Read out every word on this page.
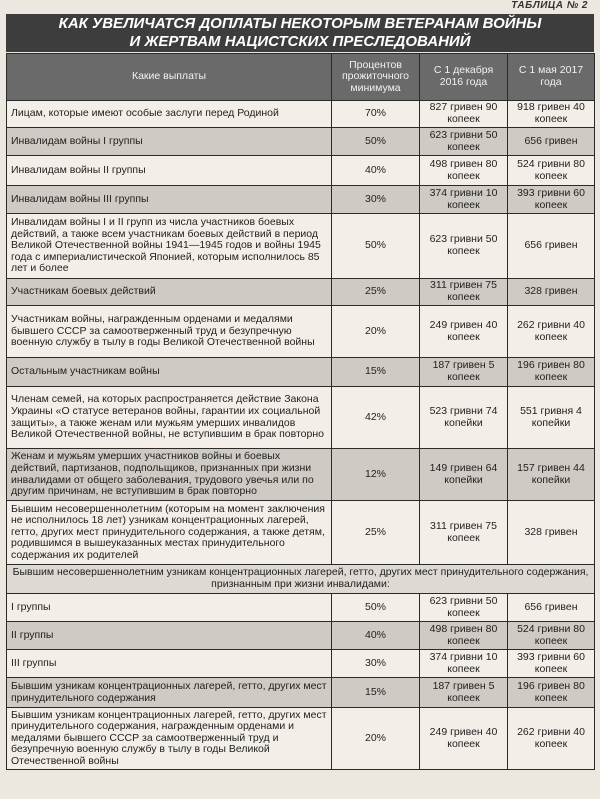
ТАБЛИЦА № 2
КАК УВЕЛИЧАТСЯ ДОПЛАТЫ НЕКОТОРЫМ ВЕТЕРАНАМ ВОЙНЫ
И ЖЕРТВАМ НАЦИСТСКИХ ПРЕСЛЕДОВАНИЙ
Какие выплаты	Процентов прожиточного минимума	С 1 декабря 2016 года	С 1 мая 2017 года
Лицам, которые имеют особые заслуги перед Родиной	70%	827 гривен 90 копеек	918 гривен 40 копеек
Инвалидам войны I группы	50%	623 гривни 50 копеек	656 гривен
Инвалидам войны II группы	40%	498 гривен 80 копеек	524 гривни 80 копеек
Инвалидам войны III группы	30%	374 гривни 10 копеек	393 гривни 60 копеек
Инвалидам войны I и II групп из числа участников боевых действий, а также всем участникам боевых действий в период Великой Отечественной войны 1941—1945 годов и войны 1945 года с империалистической Японией, которым исполнилось 85 лет и более	50%	623 гривни 50 копеек	656 гривен
Участникам боевых действий	25%	311 гривен 75 копеек	328 гривен
Участникам войны, награжденным орденами и медалями бывшего СССР за самоотверженный труд и безупречную военную службу в тылу в годы Великой Отечественной войны	20%	249 гривен 40 копеек	262 гривни 40 копеек
Остальным участникам войны	15%	187 гривен 5 копеек	196 гривен 80 копеек
Членам семей, на которых распространяется действие Закона Украины «О статусе ветеранов войны, гарантии их социальной защиты», а также женам или мужьям умерших инвалидов Великой Отечественной войны, не вступившим в брак повторно	42%	523 гривни 74 копейки	551 гривня 4 копейки
Женам и мужьям умерших участников войны и боевых действий, партизанов, подпольщиков, признанных при жизни инвалидами от общего заболевания, трудового увечья или по другим причинам, не вступившим в брак повторно	12%	149 гривен 64 копейки	157 гривен 44 копейки
Бывшим несовершеннолетним (которым на момент заключения не исполнилось 18 лет) узникам концентрационных лагерей, гетто, других мест принудительного содержания, а также детям, родившимся в вышеуказанных местах принудительного содержания их родителей	25%	311 гривен 75 копеек	328 гривен
Бывшим несовершеннолетним узникам концентрационных лагерей, гетто, других мест принудительного содержания, признанным при жизни инвалидами:			
I группы	50%	623 гривни 50 копеек	656 гривен
II группы	40%	498 гривен 80 копеек	524 гривни 80 копеек
III группы	30%	374 гривни 10 копеек	393 гривни 60 копеек
Бывшим узникам концентрационных лагерей, гетто, других мест принудительного содержания	15%	187 гривен 5 копеек	196 гривен 80 копеек
Бывшим узникам концентрационных лагерей, гетто, других мест принудительного содержания, награжденным орденами и медалями бывшего СССР за самоотверженный труд и безупречную военную службу в тылу в годы Великой Отечественной войны	20%	249 гривен 40 копеек	262 гривни 40 копеек
